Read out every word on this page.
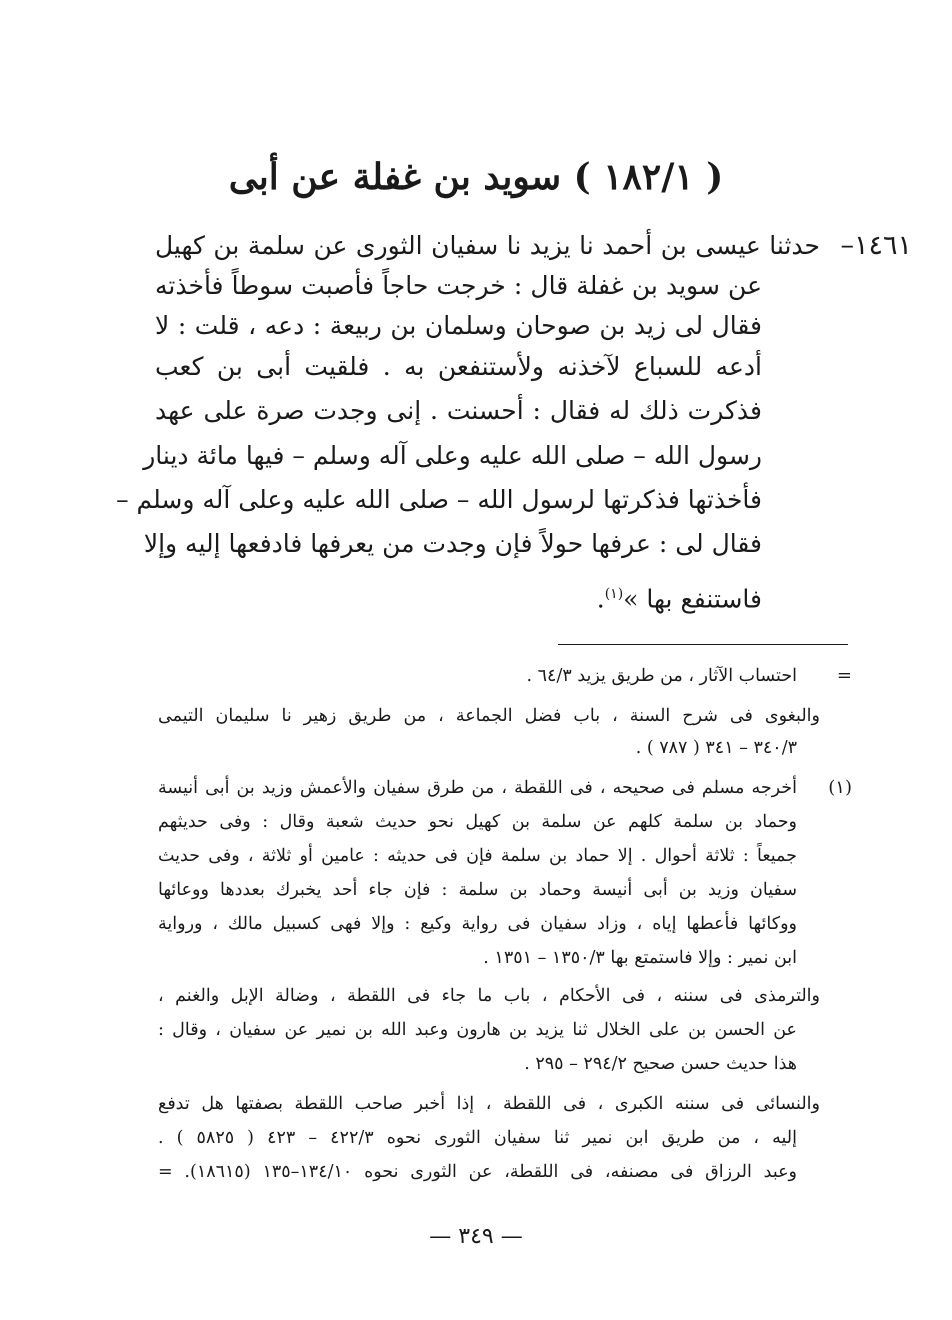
( ١٨٢/١ ) سويد بن غفلة عن أبى
١٤٦١–
حدثنا عيسى بن أحمد نا يزيد نا سفيان الثورى عن سلمة بن كهيل
عن سويد بن غفلة قال : خرجت حاجاً فأصبت سوطاً فأخذته
فقال لى زيد بن صوحان وسلمان بن ربيعة : دعه ، قلت : لا
أدعه للسباع لآخذنه ولأستنفعن به . فلقيت أبى بن كعب
فذكرت ذلك له فقال : أحسنت . إنى وجدت صرة على عهد
رسول الله – صلى الله عليه وعلى آله وسلم – فيها مائة دينار
فأخذتها فذكرتها لرسول الله – صلى الله عليه وعلى آله وسلم –
فقال لى : عرفها حولاً فإن وجدت من يعرفها فادفعها إليه وإلا
فاستنفع بها »$^{(١)}$.
=
احتساب الآثار ، من طريق يزيد ٦٤/٣ .
والبغوى فى شرح السنة ، باب فضل الجماعة ، من طريق زهير نا سليمان التيمى
٣٤٠/٣ – ٣٤١ ( ٧٨٧ ) .
(١)
أخرجه مسلم فى صحيحه ، فى اللقطة ، من طرق سفيان والأعمش وزيد بن أبى أنيسة
وحماد بن سلمة كلهم عن سلمة بن كهيل نحو حديث شعبة وقال : وفى حديثهم
جميعاً : ثلاثة أحوال . إلا حماد بن سلمة فإن فى حديثه : عامين أو ثلاثة ، وفى حديث
سفيان وزيد بن أبى أنيسة وحماد بن سلمة : فإن جاء أحد يخبرك بعددها ووعائها
ووكائها فأعطها إياه ، وزاد سفيان فى رواية وكيع : وإلا فهى كسبيل مالك ، ورواية
ابن نمير : وإلا فاستمتع بها ١٣٥٠/٣ – ١٣٥١ .
والترمذى فى سننه ، فى الأحكام ، باب ما جاء فى اللقطة ، وضالة الإبل والغنم ،
عن الحسن بن على الخلال ثنا يزيد بن هارون وعبد الله بن نمير عن سفيان ، وقال :
هذا حديث حسن صحيح ٢٩٤/٢ – ٢٩٥ .
والنسائى فى سننه الكبرى ، فى اللقطة ، إذا أخبر صاحب اللقطة بصفتها هل تدفع
إليه ، من طريق ابن نمير ثنا سفيان الثورى نحوه ٤٢٢/٣ – ٤٢٣ ( ٥٨٢٥ ) .
وعبد الرزاق فى مصنفه، فى اللقطة، عن الثورى نحوه ١٣٤/١٠–١٣٥ (١٨٦١٥). =
— ٣٤٩ —
